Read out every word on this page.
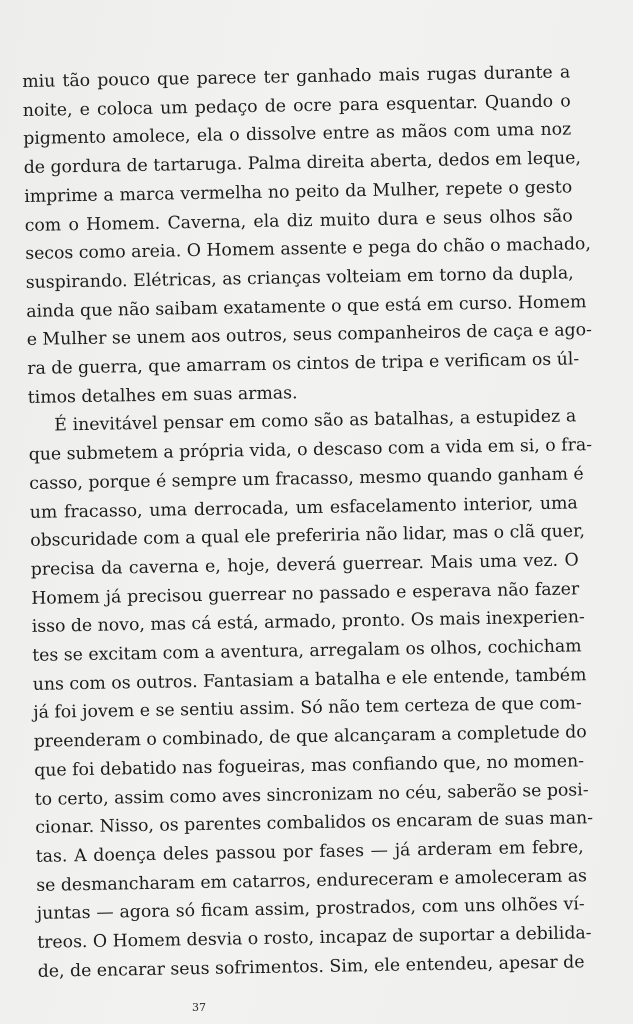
miu tão pouco que parece ter ganhado mais rugas durante a
noite, e coloca um pedaço de ocre para esquentar. Quando o
pigmento amolece, ela o dissolve entre as mãos com uma noz
de gordura de tartaruga. Palma direita aberta, dedos em leque,
imprime a marca vermelha no peito da Mulher, repete o gesto
com o Homem. Caverna, ela diz muito dura e seus olhos são
secos como areia. O Homem assente e pega do chão o machado,
suspirando. Elétricas, as crianças volteiam em torno da dupla,
ainda que não saibam exatamente o que está em curso. Homem
e Mulher se unem aos outros, seus companheiros de caça e ago-
ra de guerra, que amarram os cintos de tripa e verificam os úl-
timos detalhes em suas armas.
É inevitável pensar em como são as batalhas, a estupidez a
que submetem a própria vida, o descaso com a vida em si, o fra-
casso, porque é sempre um fracasso, mesmo quando ganham é
um fracasso, uma derrocada, um esfacelamento interior, uma
obscuridade com a qual ele preferiria não lidar, mas o clã quer,
precisa da caverna e, hoje, deverá guerrear. Mais uma vez. O
Homem já precisou guerrear no passado e esperava não fazer
isso de novo, mas cá está, armado, pronto. Os mais inexperien-
tes se excitam com a aventura, arregalam os olhos, cochicham
uns com os outros. Fantasiam a batalha e ele entende, também
já foi jovem e se sentiu assim. Só não tem certeza de que com-
preenderam o combinado, de que alcançaram a completude do
que foi debatido nas fogueiras, mas confiando que, no momen-
to certo, assim como aves sincronizam no céu, saberão se posi-
cionar. Nisso, os parentes combalidos os encaram de suas man-
tas. A doença deles passou por fases — já arderam em febre,
se desmancharam em catarros, endureceram e amoleceram as
juntas — agora só ficam assim, prostrados, com uns olhões ví-
treos. O Homem desvia o rosto, incapaz de suportar a debilida-
de, de encarar seus sofrimentos. Sim, ele entendeu, apesar de
37
